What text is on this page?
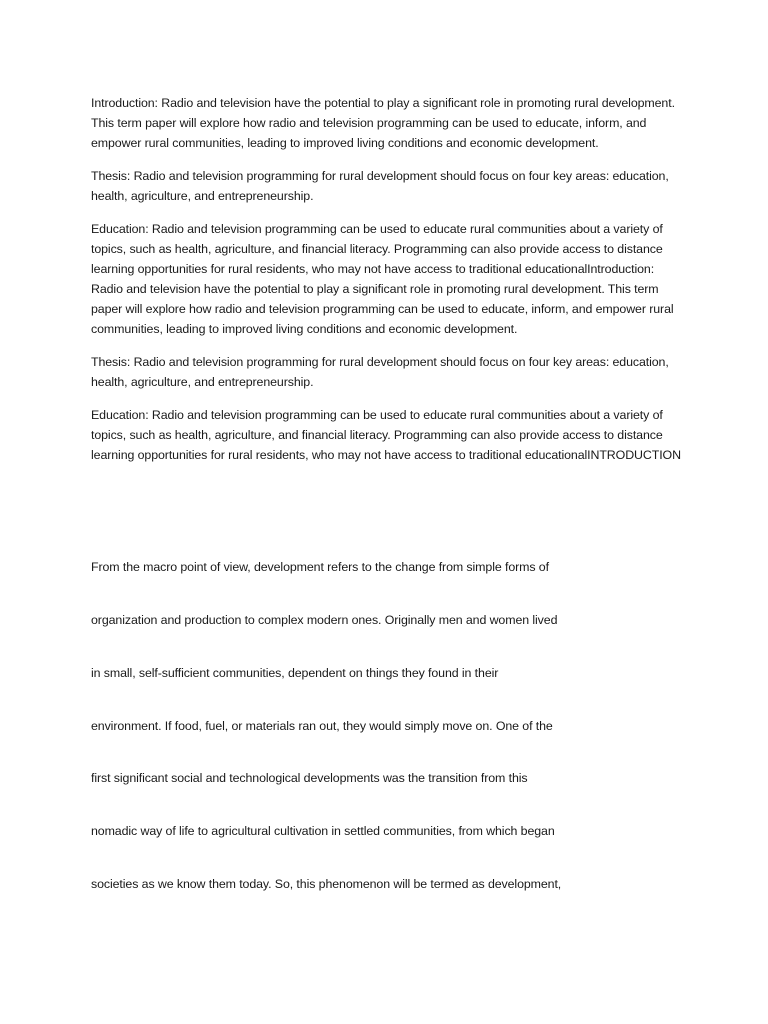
Introduction: Radio and television have the potential to play a significant role in promoting rural development. This term paper will explore how radio and television programming can be used to educate, inform, and empower rural communities, leading to improved living conditions and economic development.

Thesis: Radio and television programming for rural development should focus on four key areas: education, health, agriculture, and entrepreneurship.

Education: Radio and television programming can be used to educate rural communities about a variety of topics, such as health, agriculture, and financial literacy. Programming can also provide access to distance learning opportunities for rural residents, who may not have access to traditional educationalIntroduction: Radio and television have the potential to play a significant role in promoting rural development. This term paper will explore how radio and television programming can be used to educate, inform, and empower rural communities, leading to improved living conditions and economic development.

Thesis: Radio and television programming for rural development should focus on four key areas: education, health, agriculture, and entrepreneurship.

Education: Radio and television programming can be used to educate rural communities about a variety of topics, such as health, agriculture, and financial literacy. Programming can also provide access to distance learning opportunities for rural residents, who may not have access to traditional educationalINTRODUCTION

From the macro point of view, development refers to the change from simple forms of

organization and production to complex modern ones. Originally men and women lived

in small, self-sufficient communities, dependent on things they found in their

environment. If food, fuel, or materials ran out, they would simply move on. One of the

first significant social and technological developments was the transition from this

nomadic way of life to agricultural cultivation in settled communities, from which began

societies as we know them today. So, this phenomenon will be termed as development,
